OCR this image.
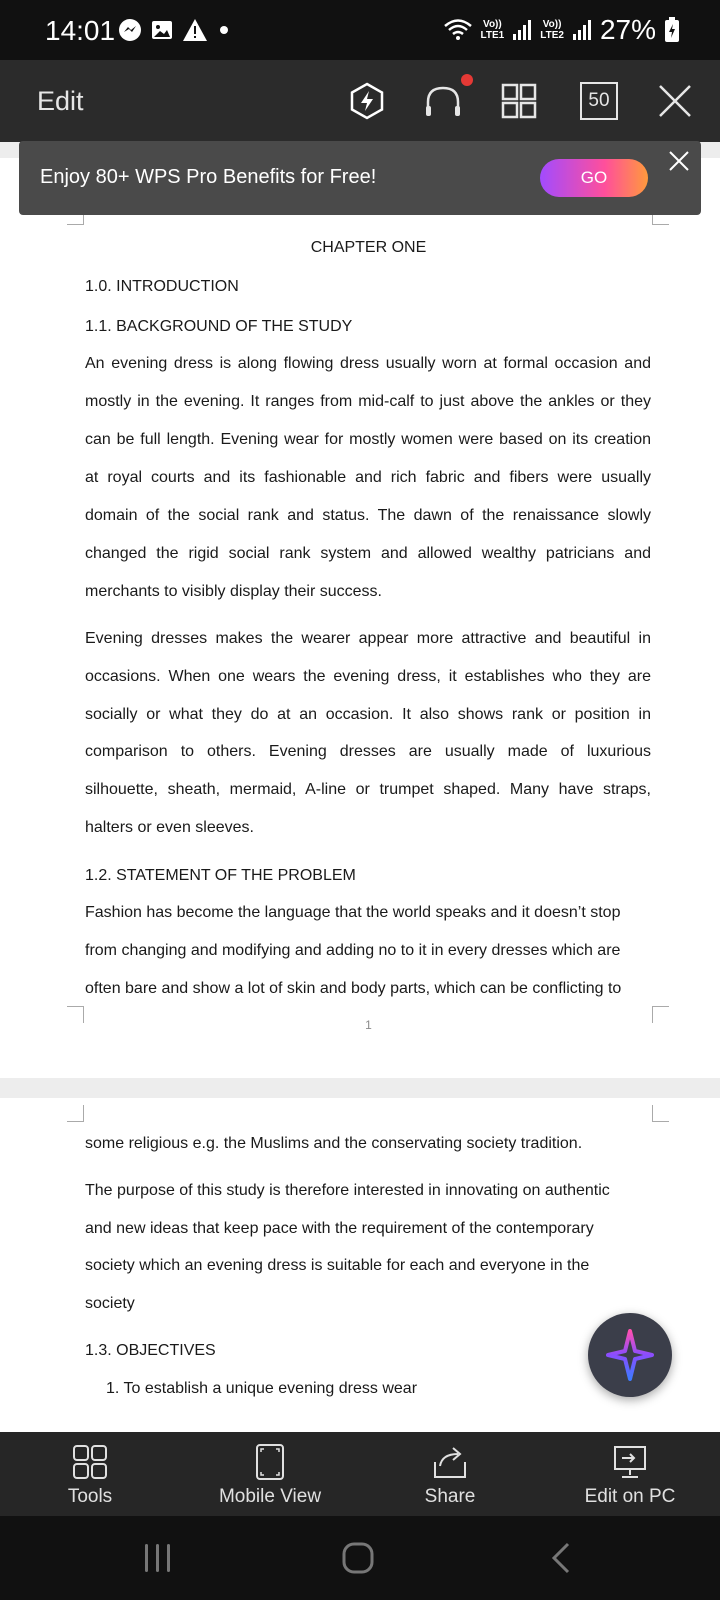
14:01	Vo))
LTE1
Vo))
LTE2 27%
Edit	50
CHAPTER ONE
1.0. INTRODUCTION
1.1. BACKGROUND OF THE STUDY
An evening dress is along flowing dress usually worn at formal occasion and
mostly in the evening. It ranges from mid-calf to just above the ankles or they
can be full length. Evening wear for mostly women were based on its creation
at royal courts and its fashionable and rich fabric and fibers were usually
domain of the social rank and status. The dawn of the renaissance slowly
changed the rigid social rank system and allowed wealthy patricians and
merchants to visibly display their success.
Evening dresses makes the wearer appear more attractive and beautiful in
occasions. When one wears the evening dress, it establishes who they are
socially or what they do at an occasion. It also shows rank or position in
comparison to others. Evening dresses are usually made of luxurious
silhouette, sheath, mermaid, A-line or trumpet shaped. Many have straps,
halters or even sleeves.
1.2. STATEMENT OF THE PROBLEM
Fashion has become the language that the world speaks and it doesn’t stop
from changing and modifying and adding no to it in every dresses which are
often bare and show a lot of skin and body parts, which can be conflicting to
1
some religious e.g. the Muslims and the conservating society tradition.
The purpose of this study is therefore interested in innovating on authentic
and new ideas that keep pace with the requirement of the contemporary
society which an evening dress is suitable for each and everyone in the
society
1.3. OBJECTIVES
1. To establish a unique evening dress wear
Enjoy 80+ WPS Pro Benefits for Free!	GO
Tools	Mobile View	Share	Edit on PC
